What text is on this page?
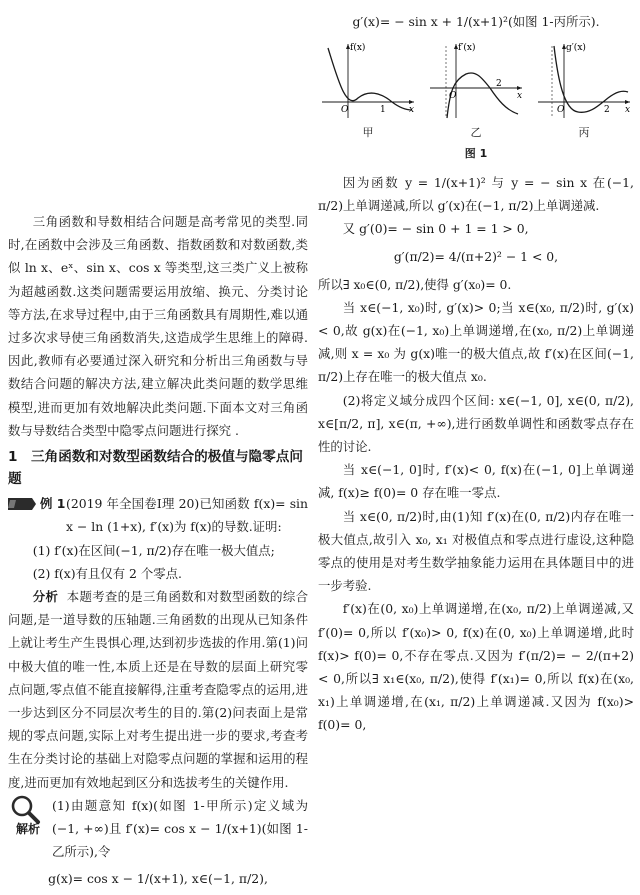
三角函数和导数相结合问题是高考常见的类型.同时,在函数中会涉及三角函数、指数函数和对数函数,类似 ln x、eˣ、sin x、cos x 等类型,这三类广义上被称为超越函数.这类问题需要运用放缩、换元、分类讨论等方法,在求导过程中,由于三角函数具有周期性,难以通过多次求导使三角函数消失,这造成学生思维上的障碍.因此,教师有必要通过深入研究和分析出三角函数与导数结合问题的解决方法,建立解决此类问题的数学思维模型,进而更加有效地解决此类问题.下面本文对三角函数与导数结合类型中隐零点问题进行探究 .

1　三角函数和对数型函数结合的极值与隐零点问题
例 1 (2019 年全国卷Ⅰ理 20)已知函数 f(x)= sin x − ln (1+x), f′(x)为 f(x)的导数.证明:

(1) f′(x)在区间(−1, π/2)存在唯一极大值点;

(2) f(x)有且仅有 2 个零点.

分析 本题考查的是三角函数和对数型函数的综合问题,是一道导数的压轴题.三角函数的出现从已知条件上就让考生产生畏惧心理,达到初步选拔的作用.第(1)问中极大值的唯一性,本质上还是在导数的层面上研究零点问题,零点值不能直接解得,注重考查隐零点的运用,进一步达到区分不同层次考生的目的.第(2)问表面上是常规的零点问题,实际上对考生提出进一步的要求,考查考生在分类讨论的基础上对隐零点问题的掌握和运用的程度,进而更加有效地起到区分和选拔考生的关键作用.

解析

(1)由题意知 f(x)(如图 1-甲所示)定义域为(−1, +∞)且 f′(x)= cos x − 1/(x+1)(如图 1-乙所示),令

g(x)= cos x − 1/(x+1), x∈(−1, π/2),
g′(x)= − sin x + 1/(x+1)²(如图 1-丙所示).
f(x)
O	1	x
甲
f′(x)
O
2
x
乙
g′(x)
O	2 x
丙
图 1

因为函数 y = 1/(x+1)² 与 y = − sin x 在(−1, π/2)上单调递减,所以 g′(x)在(−1, π/2)上单调递减.

又 g′(0)= − sin 0 + 1 = 1 > 0,

g′(π/2)= 4/(π+2)² − 1 < 0,

所以∃ x₀∈(0, π/2),使得 g′(x₀)= 0.

当 x∈(−1, x₀)时, g′(x)> 0;当 x∈(x₀, π/2)时, g′(x)< 0,故 g(x)在(−1, x₀)上单调递增,在(x₀, π/2)上单调递减,则 x = x₀ 为 g(x)唯一的极大值点,故 f′(x)在区间(−1, π/2)上存在唯一的极大值点 x₀.

(2)将定义域分成四个区间: x∈(−1, 0], x∈(0, π/2), x∈[π/2, π], x∈(π, +∞),进行函数单调性和函数零点存在性的讨论.

当 x∈(−1, 0]时, f′(x)< 0, f(x)在(−1, 0]上单调递减, f(x)≥ f(0)= 0 存在唯一零点.

当 x∈(0, π/2)时,由(1)知 f′(x)在(0, π/2)内存在唯一极大值点,故引入 x₀, x₁ 对极值点和零点进行虚设,这种隐零点的使用是对考生数学抽象能力运用在具体题目中的进一步考验.

f′(x)在(0, x₀)上单调递增,在(x₀, π/2)上单调递减,又 f′(0)= 0,所以 f′(x₀)> 0, f(x)在(0, x₀)上单调递增,此时 f(x)> f(0)= 0,不存在零点.又因为 f′(π/2)= − 2/(π+2) < 0,所以∃ x₁∈(x₀, π/2),使得 f′(x₁)= 0,所以 f(x)在(x₀, x₁)上单调递增,在(x₁, π/2)上单调递减.又因为 f(x₀)> f(0)= 0,
